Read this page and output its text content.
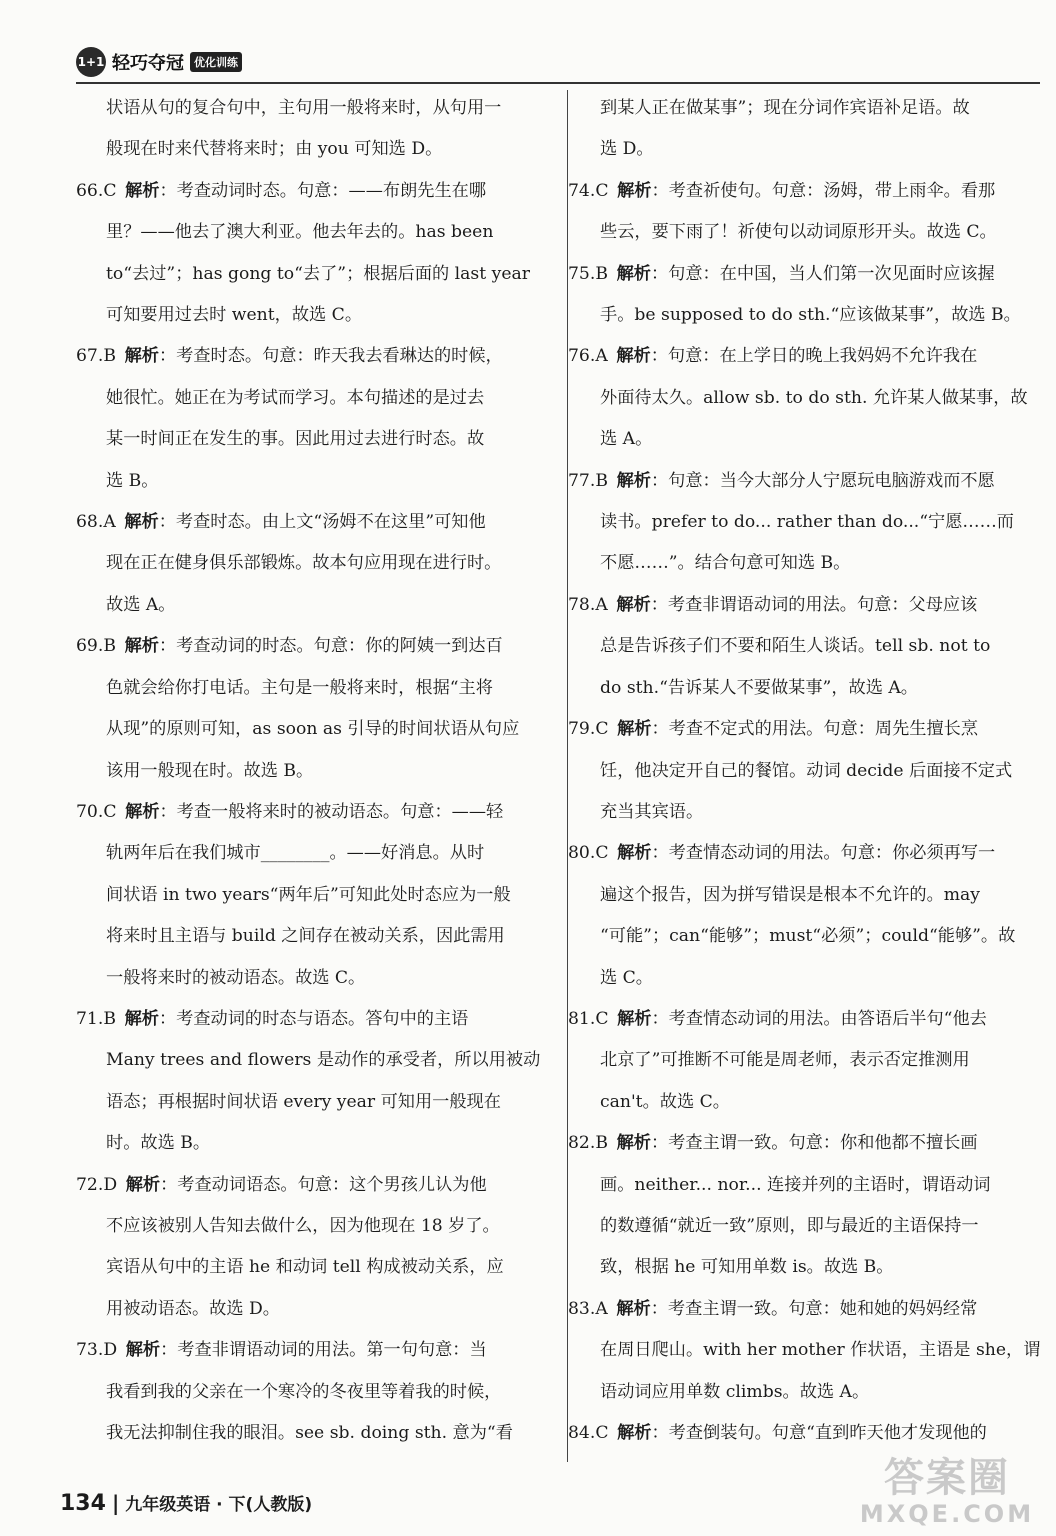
1+1 轻巧夺冠 优化训练

状语从句的复合句中，主句用一般将来时，从句用一

般现在时来代替将来时；由 you 可知选 D。

66.C  解析：考查动词时态。句意：——布朗先生在哪

里？——他去了澳大利亚。他去年去的。has been

to“去过”；has gong to“去了”；根据后面的 last year

可知要用过去时 went，故选 C。

67.B  解析：考查时态。句意：昨天我去看琳达的时候，

她很忙。她正在为考试而学习。本句描述的是过去

某一时间正在发生的事。因此用过去进行时态。故

选 B。

68.A  解析：考查时态。由上文“汤姆不在这里”可知他

现在正在健身俱乐部锻炼。故本句应用现在进行时。

故选 A。

69.B  解析：考查动词的时态。句意：你的阿姨一到达百

色就会给你打电话。主句是一般将来时，根据“主将

从现”的原则可知，as soon as 引导的时间状语从句应

该用一般现在时。故选 B。

70.C  解析：考查一般将来时的被动语态。句意：——轻

轨两年后在我们城市________。——好消息。从时

间状语 in two years“两年后”可知此处时态应为一般

将来时且主语与 build 之间存在被动关系，因此需用

一般将来时的被动语态。故选 C。

71.B  解析：考查动词的时态与语态。答句中的主语

Many trees and flowers 是动作的承受者，所以用被动

语态；再根据时间状语 every year 可知用一般现在

时。故选 B。

72.D  解析：考查动词语态。句意：这个男孩儿认为他

不应该被别人告知去做什么，因为他现在 18 岁了。

宾语从句中的主语 he 和动词 tell 构成被动关系，应

用被动语态。故选 D。

73.D  解析：考查非谓语动词的用法。第一句句意：当

我看到我的父亲在一个寒冷的冬夜里等着我的时候，

我无法抑制住我的眼泪。see sb. doing sth. 意为“看

到某人正在做某事”；现在分词作宾语补足语。故

选 D。

74.C  解析：考查祈使句。句意：汤姆，带上雨伞。看那

些云，要下雨了！祈使句以动词原形开头。故选 C。

75.B  解析：句意：在中国，当人们第一次见面时应该握

手。be supposed to do sth.“应该做某事”，故选 B。

76.A  解析：句意：在上学日的晚上我妈妈不允许我在

外面待太久。allow sb. to do sth. 允许某人做某事，故

选 A。

77.B  解析：句意：当今大部分人宁愿玩电脑游戏而不愿

读书。prefer to do... rather than do...“宁愿……而

不愿……”。结合句意可知选 B。

78.A  解析：考查非谓语动词的用法。句意：父母应该

总是告诉孩子们不要和陌生人谈话。tell sb. not to

do sth.“告诉某人不要做某事”，故选 A。

79.C  解析：考查不定式的用法。句意：周先生擅长烹

饪，他决定开自己的餐馆。动词 decide 后面接不定式

充当其宾语。

80.C  解析：考查情态动词的用法。句意：你必须再写一

遍这个报告，因为拼写错误是根本不允许的。may

“可能”；can“能够”；must“必须”；could“能够”。故

选 C。

81.C  解析：考查情态动词的用法。由答语后半句“他去

北京了”可推断不可能是周老师，表示否定推测用

can't。故选 C。

82.B  解析：考查主谓一致。句意：你和他都不擅长画

画。neither... nor... 连接并列的主语时，谓语动词

的数遵循“就近一致”原则，即与最近的主语保持一

致，根据 he 可知用单数 is。故选 B。

83.A  解析：考查主谓一致。句意：她和她的妈妈经常

在周日爬山。with her mother 作状语，主语是 she，谓

语动词应用单数 climbs。故选 A。

84.C  解析：考查倒装句。句意“直到昨天他才发现他的

134 | 九年级英语 · 下(人教版)
答案圈
MXQE.COM
